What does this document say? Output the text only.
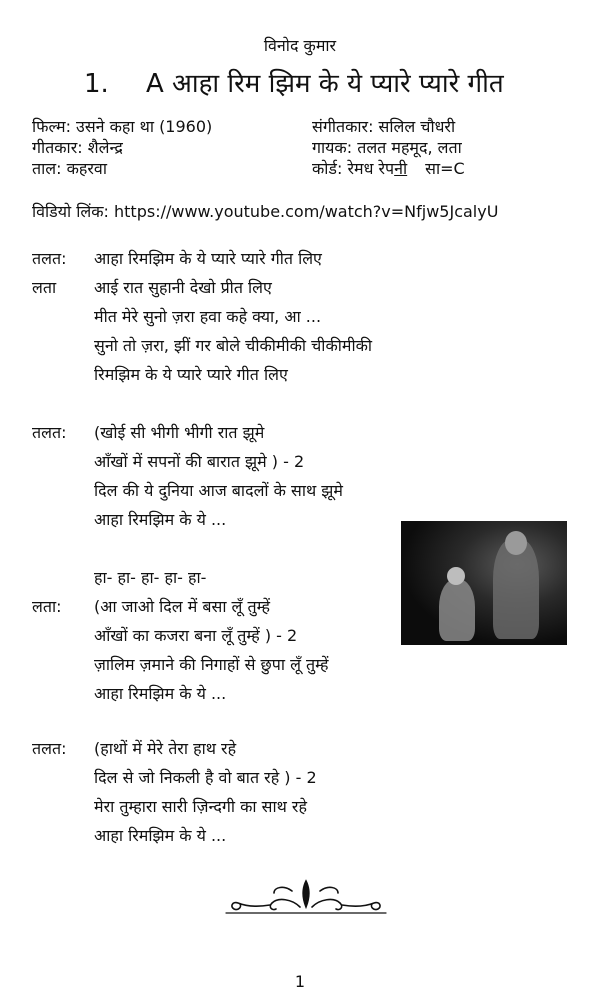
विनोद कुमार
1. A आहा रिम झिम के ये प्यारे प्यारे गीत
फिल्म: उसने कहा था (1960)	संगीतकार: सलिल चौधरी
गीतकार: शैलेन्द्र	गायक: तलत महमूद, लता
ताल: कहरवा	कोर्ड: रेमध रेपनी सा=C
विडियो लिंक: https://www.youtube.com/watch?v=Nfjw5JcalyU
तलत:	आहा रिमझिम के ये प्यारे प्यारे गीत लिए
लता	आई रात सुहानी देखो प्रीत लिए
मीत मेरे सुनो ज़रा हवा कहे क्या, आ ...
सुनो तो ज़रा, झीं गर बोले चीकीमीकी चीकीमीकी
रिमझिम के ये प्यारे प्यारे गीत लिए
तलत:	(खोई सी भीगी भीगी रात झूमे
आँखों में सपनों की बारात झूमे ) - 2
दिल की ये दुनिया आज बादलों के साथ झूमे
आहा रिमझिम के ये ...
हा- हा- हा- हा- हा-
लता:	(आ जाओ दिल में बसा लूँ तुम्हें
आँखों का कजरा बना लूँ तुम्हें ) - 2
ज़ालिम ज़माने की निगाहों से छुपा लूँ तुम्हें
आहा रिमझिम के ये ...
तलत:	(हाथों में मेरे तेरा हाथ रहे
दिल से जो निकली है वो बात रहे ) - 2
मेरा तुम्हारा सारी ज़िन्दगी का साथ रहे
आहा रिमझिम के ये ...
1
